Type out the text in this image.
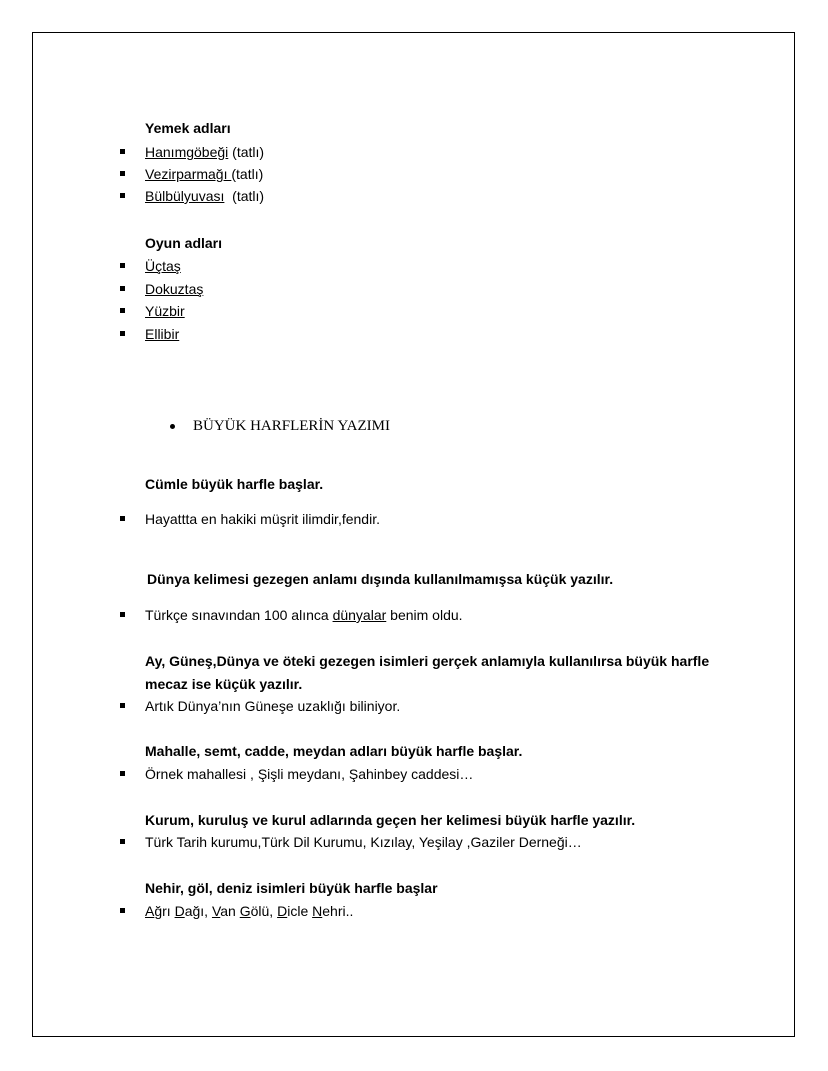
Yemek adları

Hanımgöbeği (tatlı)
Vezirparmağı (tatlı)
Bülbülyuvası  (tatlı)

Oyun adları

Üçtaş
Dokuztaş
Yüzbir
Ellibir
BÜYÜK HARFLERİN YAZIMI

Cümle büyük harfle başlar.

Hayattta en hakiki müşrit ilimdir,fendir.

Dünya kelimesi gezegen anlamı dışında kullanılmamışsa küçük yazılır.

Türkçe sınavından 100 alınca dünyalar benim oldu.

Ay, Güneş,Dünya ve öteki gezegen isimleri gerçek anlamıyla kullanılırsa büyük harfle

mecaz ise küçük yazılır.

Artık Dünya’nın Güneşe uzaklığı biliniyor.

Mahalle, semt, cadde, meydan adları büyük harfle başlar.

Örnek mahallesi , Şişli meydanı, Şahinbey caddesi…

Kurum, kuruluş ve kurul adlarında geçen her kelimesi büyük harfle yazılır.

Türk Tarih kurumu,Türk Dil Kurumu, Kızılay, Yeşilay ,Gaziler Derneği…

Nehir, göl, deniz isimleri büyük harfle başlar

Ağrı Dağı, Van Gölü, Dicle Nehri..
